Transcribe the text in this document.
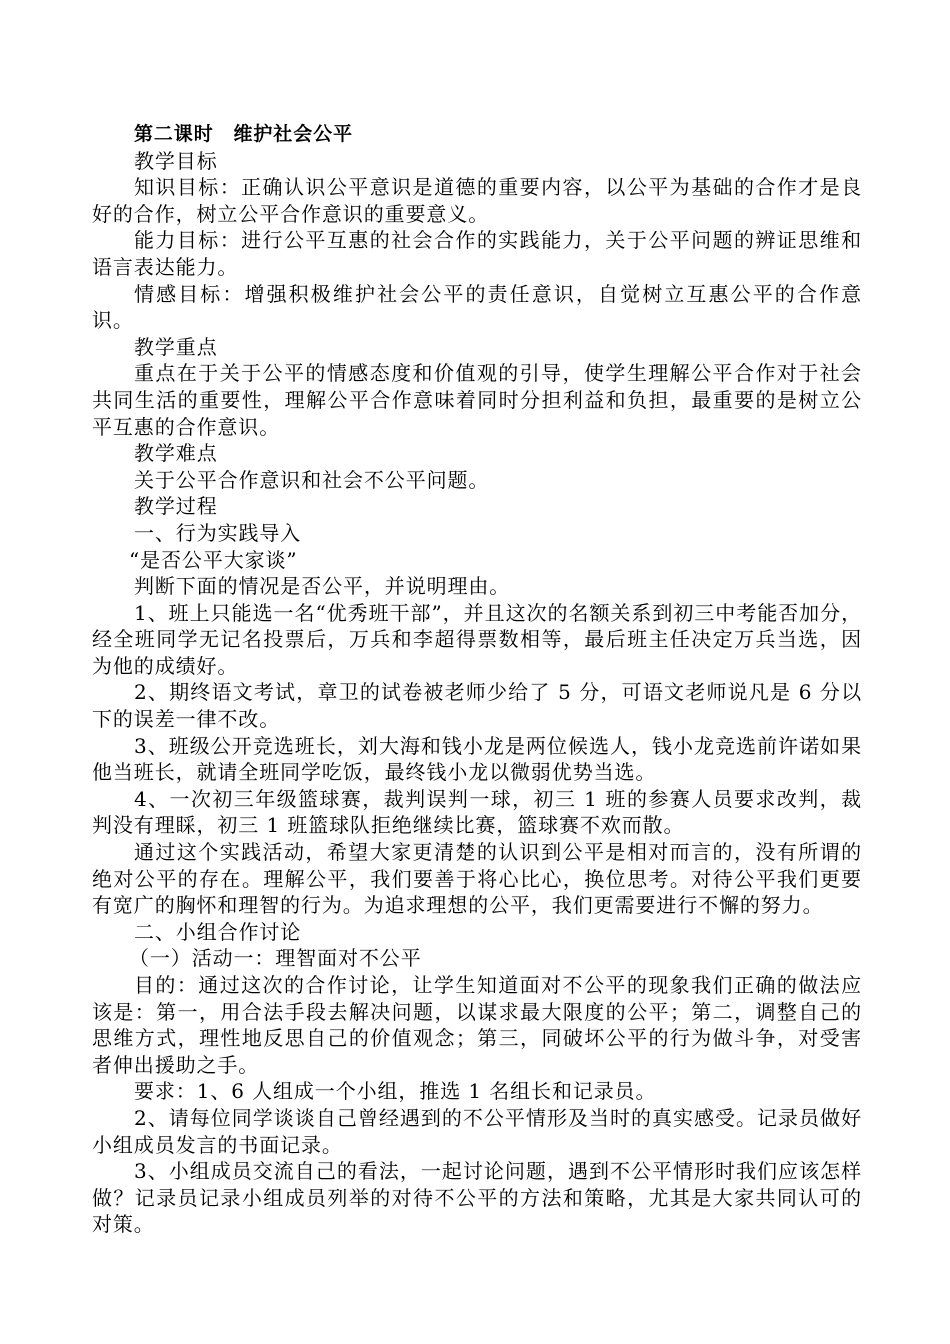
第二课时　维护社会公平

教学目标

知识目标：正确认识公平意识是道德的重要内容，以公平为基础的合作才是良好的合作，树立公平合作意识的重要意义。

能力目标：进行公平互惠的社会合作的实践能力，关于公平问题的辨证思维和语言表达能力。

情感目标：增强积极维护社会公平的责任意识，自觉树立互惠公平的合作意识。

教学重点

重点在于关于公平的情感态度和价值观的引导，使学生理解公平合作对于社会共同生活的重要性，理解公平合作意味着同时分担利益和负担，最重要的是树立公平互惠的合作意识。

教学难点

关于公平合作意识和社会不公平问题。

教学过程

一、行为实践导入

“是否公平大家谈”

判断下面的情况是否公平，并说明理由。

1、班上只能选一名“优秀班干部”，并且这次的名额关系到初三中考能否加分，经全班同学无记名投票后，万兵和李超得票数相等，最后班主任决定万兵当选，因为他的成绩好。

2、期终语文考试，章卫的试卷被老师少给了 5 分，可语文老师说凡是 6 分以下的误差一律不改。

3、班级公开竞选班长，刘大海和钱小龙是两位候选人，钱小龙竞选前许诺如果他当班长，就请全班同学吃饭，最终钱小龙以微弱优势当选。

4、一次初三年级篮球赛，裁判误判一球，初三 1 班的参赛人员要求改判，裁判没有理睬，初三 1 班篮球队拒绝继续比赛，篮球赛不欢而散。

通过这个实践活动，希望大家更清楚的认识到公平是相对而言的，没有所谓的绝对公平的存在。理解公平，我们要善于将心比心，换位思考。对待公平我们更要有宽广的胸怀和理智的行为。为追求理想的公平，我们更需要进行不懈的努力。

二、小组合作讨论

（一）活动一：理智面对不公平

目的：通过这次的合作讨论，让学生知道面对不公平的现象我们正确的做法应该是：第一，用合法手段去解决问题，以谋求最大限度的公平；第二，调整自己的思维方式，理性地反思自己的价值观念；第三，同破坏公平的行为做斗争，对受害者伸出援助之手。

要求：1、6 人组成一个小组，推选 1 名组长和记录员。

2、请每位同学谈谈自己曾经遇到的不公平情形及当时的真实感受。记录员做好小组成员发言的书面记录。

3、小组成员交流自己的看法，一起讨论问题，遇到不公平情形时我们应该怎样做？记录员记录小组成员列举的对待不公平的方法和策略，尤其是大家共同认可的对策。
